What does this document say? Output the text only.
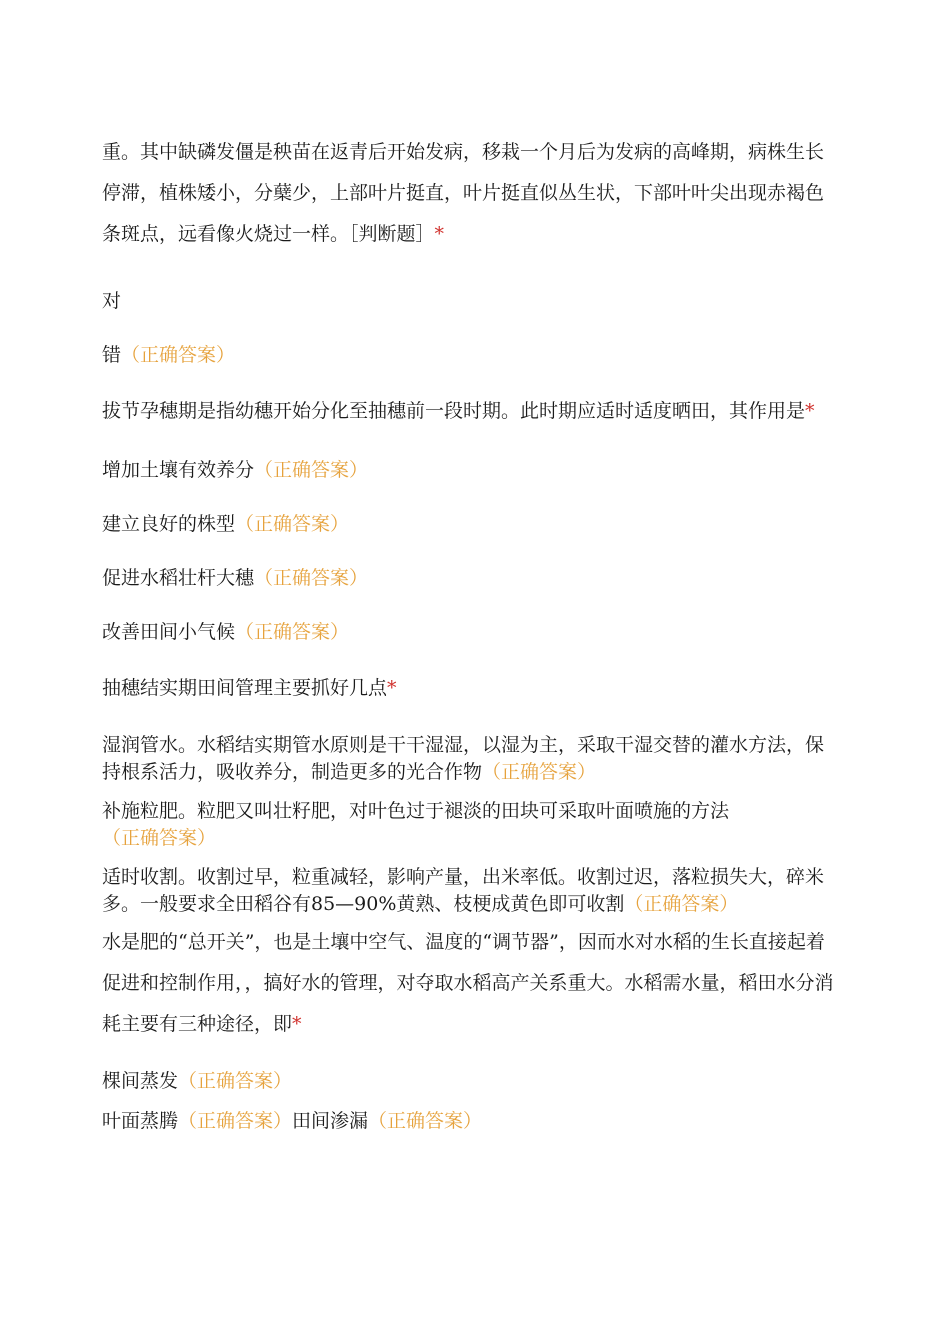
重。其中缺磷发僵是秧苗在返青后开始发病，移栽一个月后为发病的高峰期，病株生长停滞，植株矮小，分蘖少，上部叶片挺直，叶片挺直似丛生状，下部叶叶尖出现赤褐色条斑点，远看像火烧过一样。［判断题］*

对

错（正确答案）

拔节孕穗期是指幼穗开始分化至抽穗前一段时期。此时期应适时适度晒田，其作用是*

增加土壤有效养分（正确答案）

建立良好的株型（正确答案）

促进水稻壮杆大穗（正确答案）

改善田间小气候（正确答案）

抽穗结实期田间管理主要抓好几点*

湿润管水。水稻结实期管水原则是干干湿湿，以湿为主，采取干湿交替的灌水方法，保持根系活力，吸收养分，制造更多的光合作物（正确答案）

补施粒肥。粒肥又叫壮籽肥，对叶色过于褪淡的田块可采取叶面喷施的方法（正确答案）

适时收割。收割过早，粒重减轻，影响产量，出米率低。收割过迟，落粒损失大，碎米多。一般要求全田稻谷有85—90%黄熟、枝梗成黄色即可收割（正确答案）

水是肥的“总开关”，也是土壤中空气、温度的“调节器”，因而水对水稻的生长直接起着促进和控制作用，，搞好水的管理，对夺取水稻高产关系重大。水稻需水量，稻田水分消耗主要有三种途径，即*

棵间蒸发（正确答案）

叶面蒸腾（正确答案）田间渗漏（正确答案）
